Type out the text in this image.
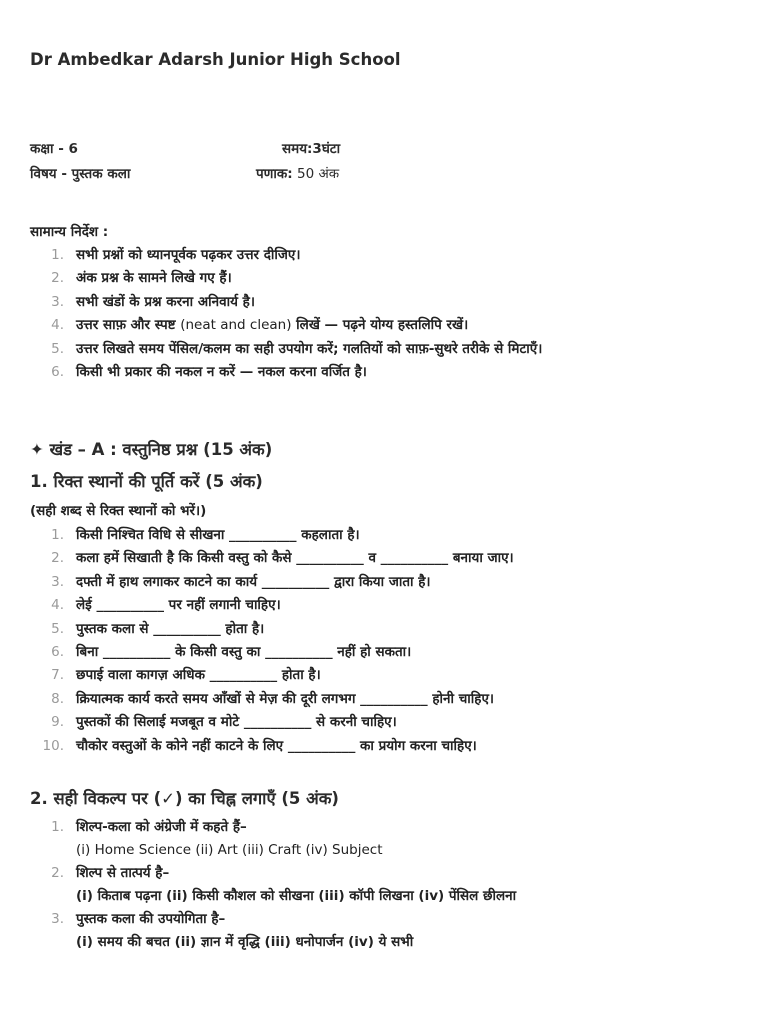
Dr Ambedkar Adarsh Junior High School
कक्षा - 6	समय:3घंटा
विषय - पुस्तक कला	पणाक: 50 अंक
सामान्य निर्देश :
1. सभी प्रश्नों को ध्यानपूर्वक पढ़कर उत्तर दीजिए।
2. अंक प्रश्न के सामने लिखे गए हैं।
3. सभी खंडों के प्रश्न करना अनिवार्य है।
4. उत्तर साफ़ और स्पष्ट (neat and clean) लिखें — पढ़ने योग्य हस्तलिपि रखें।
5. उत्तर लिखते समय पेंसिल/कलम का सही उपयोग करें; गलतियों को साफ़-सुथरे तरीके से मिटाएँ।
6. किसी भी प्रकार की नकल न करें — नकल करना वर्जित है।
✦ खंड – A : वस्तुनिष्ठ प्रश्न (15 अंक)
1. रिक्त स्थानों की पूर्ति करें (5 अंक)
(सही शब्द से रिक्त स्थानों को भरें।)
1. किसी निश्चित विधि से सीखना __________ कहलाता है।
2. कला हमें सिखाती है कि किसी वस्तु को कैसे __________ व __________ बनाया जाए।
3. दफ्ती में हाथ लगाकर काटने का कार्य __________ द्वारा किया जाता है।
4. लेई __________ पर नहीं लगानी चाहिए।
5. पुस्तक कला से __________ होता है।
6. बिना __________ के किसी वस्तु का __________ नहीं हो सकता।
7. छपाई वाला कागज़ अधिक __________ होता है।
8. क्रियात्मक कार्य करते समय आँखों से मेज़ की दूरी लगभग __________ होनी चाहिए।
9. पुस्तकों की सिलाई मजबूत व मोटे __________ से करनी चाहिए।
10. चौकोर वस्तुओं के कोने नहीं काटने के लिए __________ का प्रयोग करना चाहिए।
2. सही विकल्प पर (✓) का चिह्न लगाएँ (5 अंक)
1. शिल्प-कला को अंग्रेजी में कहते हैं–
(i) Home Science (ii) Art (iii) Craft (iv) Subject
2. शिल्प से तात्पर्य है–
(i) किताब पढ़ना (ii) किसी कौशल को सीखना (iii) कॉपी लिखना (iv) पेंसिल छीलना
3. पुस्तक कला की उपयोगिता है–
(i) समय की बचत (ii) ज्ञान में वृद्धि (iii) धनोपार्जन (iv) ये सभी
